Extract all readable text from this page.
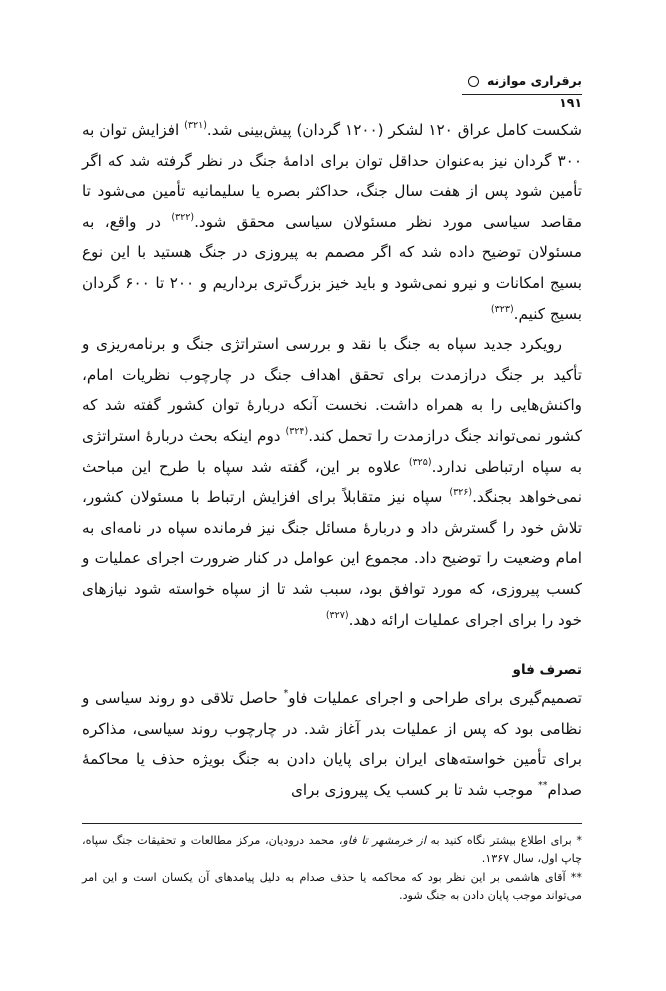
برقراری موازنه  ۱۹۱

شکست کامل عراق ۱۲۰ لشکر (۱۲۰۰ گردان) پیش‌بینی شد.$^{(۳۲۱)}$ افزایش توان به ۳۰۰ گردان نیز به‌عنوان حداقل توان برای ادامهٔ جنگ در نظر گرفته شد که اگر تأمین شود پس از هفت سال جنگ، حداکثر بصره یا سلیمانیه تأمین می‌شود تا مقاصد سیاسی مورد نظر مسئولان سیاسی محقق شود.$^{(۳۲۲)}$ در واقع، به مسئولان توضیح داده شد که اگر مصمم به پیروزی در جنگ هستید با این نوع بسیج امکانات و نیرو نمی‌شود و باید خیز بزرگ‌تری برداریم و ۲۰۰ تا ۶۰۰ گردان بسیج کنیم.$^{(۳۲۳)}$

رویکرد جدید سپاه به جنگ با نقد و بررسی استراتژی جنگ و برنامه‌ریزی و تأکید بر جنگ درازمدت برای تحقق اهداف جنگ در چارچوب نظریات امام، واکنش‌هایی را به همراه داشت. نخست آنکه دربارهٔ توان کشور گفته شد که کشور نمی‌تواند جنگ درازمدت را تحمل کند.$^{(۳۲۴)}$ دوم اینکه بحث دربارهٔ استراتژی به سپاه ارتباطی ندارد.$^{(۳۲۵)}$ علاوه بر این، گفته شد سپاه با طرح این مباحث نمی‌خواهد بجنگد.$^{(۳۲۶)}$ سپاه نیز متقابلاً برای افزایش ارتباط با مسئولان کشور، تلاش خود را گسترش داد و دربارهٔ مسائل جنگ نیز فرمانده سپاه در نامه‌ای به امام وضعیت را توضیح داد. مجموع این عوامل در کنار ضرورت اجرای عملیات و کسب پیروزی، که مورد توافق بود، سبب شد تا از سپاه خواسته شود نیازهای خود را برای اجرای عملیات ارائه دهد.$^{(۳۲۷)}$

تصرف فاو

تصمیم‌گیری برای طراحی و اجرای عملیات فاو* حاصل تلاقی دو روند سیاسی و نظامی بود که پس از عملیات بدر آغاز شد. در چارچوب روند سیاسی، مذاکره برای تأمین خواسته‌های ایران برای پایان دادن به جنگ بویژه حذف یا محاکمهٔ صدام** موجب شد تا بر کسب یک پیروزی برای

* برای اطلاع بیشتر نگاه کنید به از خرمشهر تا فاو، محمد درودیان، مرکز مطالعات و تحقیقات جنگ سپاه، چاپ اول، سال ۱۳۶۷.

** آقای هاشمی بر این نظر بود که محاکمه یا حذف صدام به دلیل پیامدهای آن یکسان است و این امر می‌تواند موجب پایان دادن به جنگ شود.
